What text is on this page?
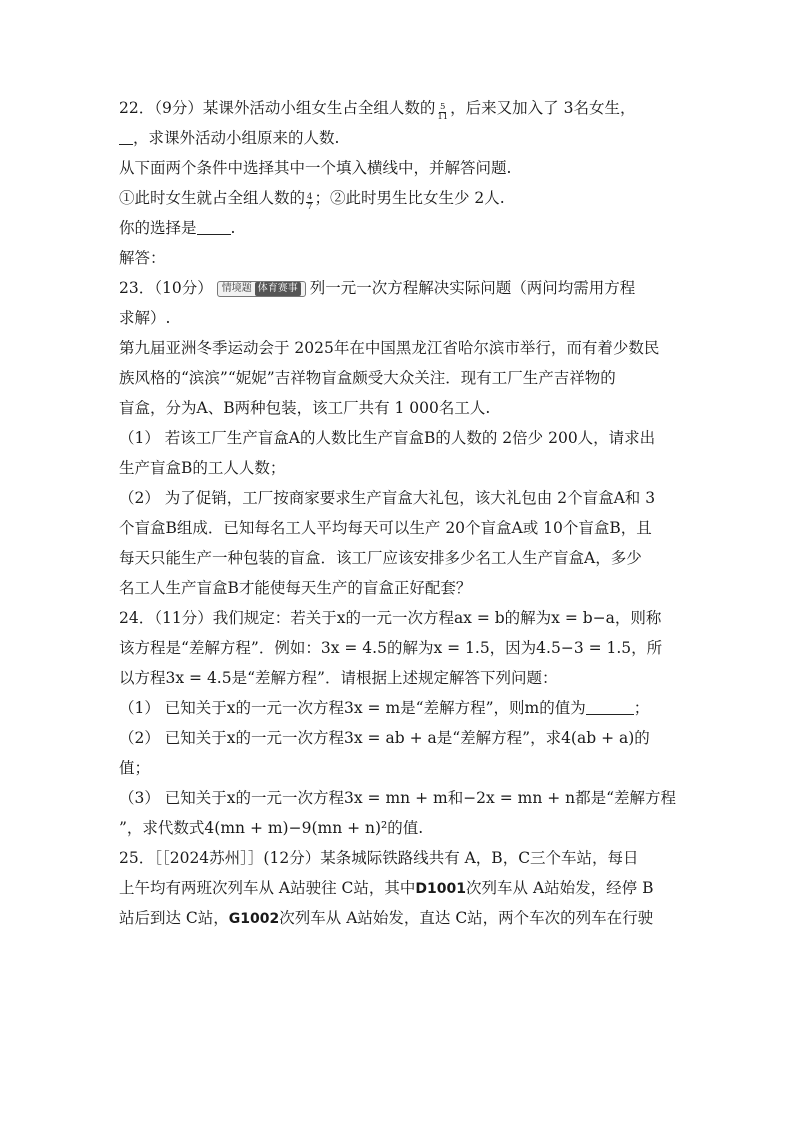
22．（9分）某课外活动小组女生占全组人数的 $\frac{5}{11}$ ，后来又加入了 3名女生，
，求课外活动小组原来的人数.
从下面两个条件中选择其中一个填入横线中，并解答问题.
①此时女生就占全组人数的 $\frac{4}{7}$ ；②此时男生比女生少 2人.
你的选择是 .
解答：
23．（10分） 情境题 体育赛事 列一元一次方程解决实际问题（两问均需用方程
求解）.
第九届亚洲冬季运动会于 2025年在中国黑龙江省哈尔滨市举行，而有着少数民
族风格的“滨滨”“妮妮”吉祥物盲盒颇受大众关注．现有工厂生产吉祥物的
盲盒，分为A、B两种包装，该工厂共有 1 000名工人.
（1） 若该工厂生产盲盒A的人数比生产盲盒B的人数的 2倍少 200人，请求出
生产盲盒B的工人人数；
（2） 为了促销，工厂按商家要求生产盲盒大礼包，该大礼包由 2个盲盒A和 3
个盲盒B组成．已知每名工人平均每天可以生产 20个盲盒A或 10个盲盒B，且
每天只能生产一种包装的盲盒．该工厂应该安排多少名工人生产盲盒A，多少
名工人生产盲盒B才能使每天生产的盲盒正好配套？
24．（11分）我们规定：若关于x的一元一次方程ax = b的解为x = b−a，则称
该方程是“差解方程”．例如：3x = 4.5的解为x = 1.5，因为4.5−3 = 1.5，所
以方程3x = 4.5是“差解方程”．请根据上述规定解答下列问题：
（1） 已知关于x的一元一次方程3x = m是“差解方程”，则m的值为	；
（2） 已知关于x的一元一次方程3x = ab + a是“差解方程”，求4(ab + a)的
值；
（3） 已知关于x的一元一次方程3x = mn + m和−2x = mn + n都是“差解方程
”，求代数式4(mn + m)−9(mn + n)²的值.
25．［［2024苏州］］(12分）某条城际铁路线共有 A，B，C三个车站，每日
上午均有两班次列车从 A站驶往 C站，其中D1001次列车从 A站始发，经停 B
站后到达 C站，G1002次列车从 A站始发，直达 C站，两个车次的列车在行驶
